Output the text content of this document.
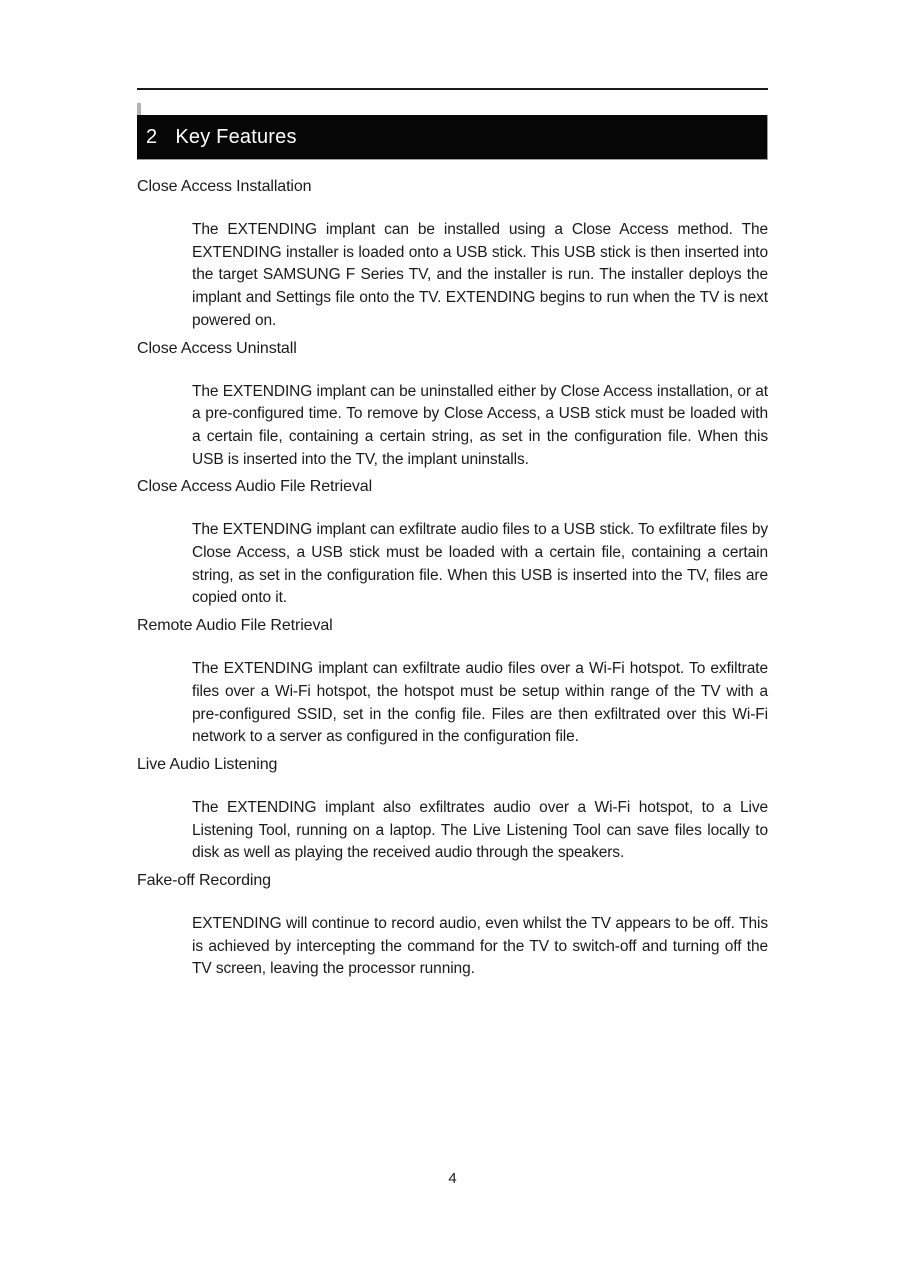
2 Key Features
Close Access Installation

The EXTENDING implant can be installed using a Close Access method. The EXTENDING installer is loaded onto a USB stick. This USB stick is then inserted into the target SAMSUNG F Series TV, and the installer is run. The installer deploys the implant and Settings file onto the TV. EXTENDING begins to run when the TV is next powered on.

Close Access Uninstall

The EXTENDING implant can be uninstalled either by Close Access installation, or at a pre-configured time. To remove by Close Access, a USB stick must be loaded with a certain file, containing a certain string, as set in the configuration file. When this USB is inserted into the TV, the implant uninstalls.

Close Access Audio File Retrieval

The EXTENDING implant can exfiltrate audio files to a USB stick. To exfiltrate files by Close Access, a USB stick must be loaded with a certain file, containing a certain string, as set in the configuration file. When this USB is inserted into the TV, files are copied onto it.

Remote Audio File Retrieval

The EXTENDING implant can exfiltrate audio files over a Wi-Fi hotspot. To exfiltrate files over a Wi-Fi hotspot, the hotspot must be setup within range of the TV with a pre-configured SSID, set in the config file. Files are then exfiltrated over this Wi-Fi network to a server as configured in the configuration file.

Live Audio Listening

The EXTENDING implant also exfiltrates audio over a Wi-Fi hotspot, to a Live Listening Tool, running on a laptop. The Live Listening Tool can save files locally to disk as well as playing the received audio through the speakers.

Fake-off Recording

EXTENDING will continue to record audio, even whilst the TV appears to be off. This is achieved by intercepting the command for the TV to switch-off and turning off the TV screen, leaving the processor running.

4
